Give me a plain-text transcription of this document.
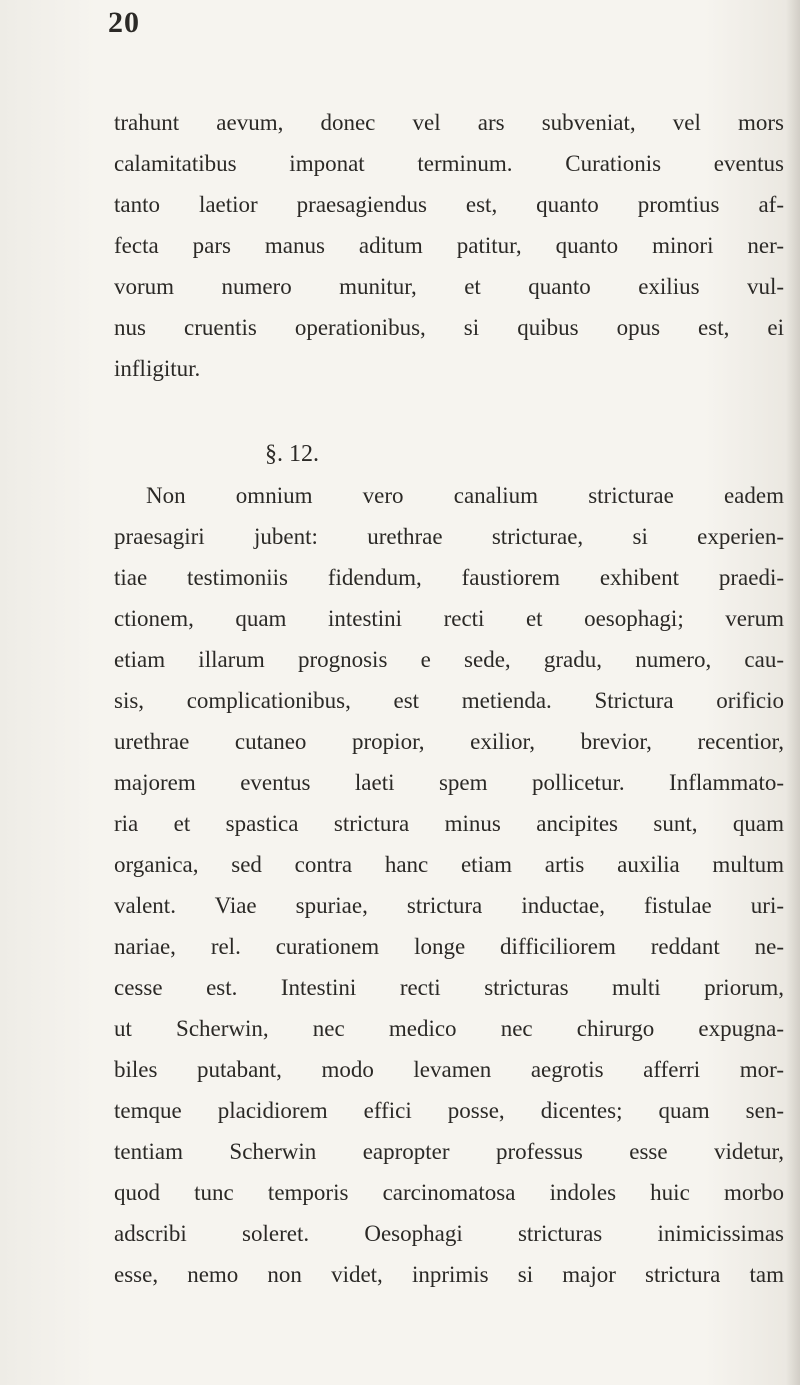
20
trahunt aevum, donec vel ars subveniat, vel mors
calamitatibus imponat terminum. Curationis eventus
tanto laetior praesagiendus est, quanto promtius af-
fecta pars manus aditum patitur, quanto minori ner-
vorum numero munitur, et quanto exilius vul-
nus cruentis operationibus, si quibus opus est, ei
infligitur.
§. 12.
Non omnium vero canalium stricturae eadem
praesagiri jubent: urethrae stricturae, si experien-
tiae testimoniis fidendum, faustiorem exhibent praedi-
ctionem, quam intestini recti et oesophagi; verum
etiam illarum prognosis e sede, gradu, numero, cau-
sis, complicationibus, est metienda. Strictura orificio
urethrae cutaneo propior, exilior, brevior, recentior,
majorem eventus laeti spem pollicetur. Inflammato-
ria et spastica strictura minus ancipites sunt, quam
organica, sed contra hanc etiam artis auxilia multum
valent. Viae spuriae, strictura inductae, fistulae uri-
nariae, rel. curationem longe difficiliorem reddant ne-
cesse est. Intestini recti stricturas multi priorum,
ut Scherwin, nec medico nec chirurgo expugna-
biles putabant, modo levamen aegrotis afferri mor-
temque placidiorem effici posse, dicentes; quam sen-
tentiam Scherwin eapropter professus esse videtur,
quod tunc temporis carcinomatosa indoles huic morbo
adscribi soleret. Oesophagi stricturas inimicissimas
esse, nemo non videt, inprimis si major strictura tam
